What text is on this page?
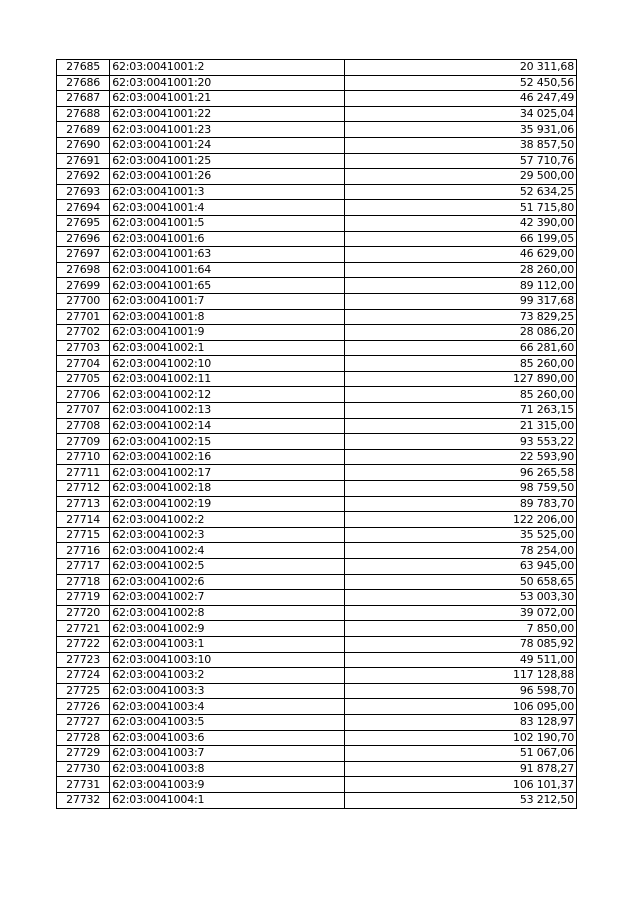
27685	62:03:0041001:2	20 311,68
27686	62:03:0041001:20	52 450,56
27687	62:03:0041001:21	46 247,49
27688	62:03:0041001:22	34 025,04
27689	62:03:0041001:23	35 931,06
27690	62:03:0041001:24	38 857,50
27691	62:03:0041001:25	57 710,76
27692	62:03:0041001:26	29 500,00
27693	62:03:0041001:3	52 634,25
27694	62:03:0041001:4	51 715,80
27695	62:03:0041001:5	42 390,00
27696	62:03:0041001:6	66 199,05
27697	62:03:0041001:63	46 629,00
27698	62:03:0041001:64	28 260,00
27699	62:03:0041001:65	89 112,00
27700	62:03:0041001:7	99 317,68
27701	62:03:0041001:8	73 829,25
27702	62:03:0041001:9	28 086,20
27703	62:03:0041002:1	66 281,60
27704	62:03:0041002:10	85 260,00
27705	62:03:0041002:11	127 890,00
27706	62:03:0041002:12	85 260,00
27707	62:03:0041002:13	71 263,15
27708	62:03:0041002:14	21 315,00
27709	62:03:0041002:15	93 553,22
27710	62:03:0041002:16	22 593,90
27711	62:03:0041002:17	96 265,58
27712	62:03:0041002:18	98 759,50
27713	62:03:0041002:19	89 783,70
27714	62:03:0041002:2	122 206,00
27715	62:03:0041002:3	35 525,00
27716	62:03:0041002:4	78 254,00
27717	62:03:0041002:5	63 945,00
27718	62:03:0041002:6	50 658,65
27719	62:03:0041002:7	53 003,30
27720	62:03:0041002:8	39 072,00
27721	62:03:0041002:9	7 850,00
27722	62:03:0041003:1	78 085,92
27723	62:03:0041003:10	49 511,00
27724	62:03:0041003:2	117 128,88
27725	62:03:0041003:3	96 598,70
27726	62:03:0041003:4	106 095,00
27727	62:03:0041003:5	83 128,97
27728	62:03:0041003:6	102 190,70
27729	62:03:0041003:7	51 067,06
27730	62:03:0041003:8	91 878,27
27731	62:03:0041003:9	106 101,37
27732	62:03:0041004:1	53 212,50
